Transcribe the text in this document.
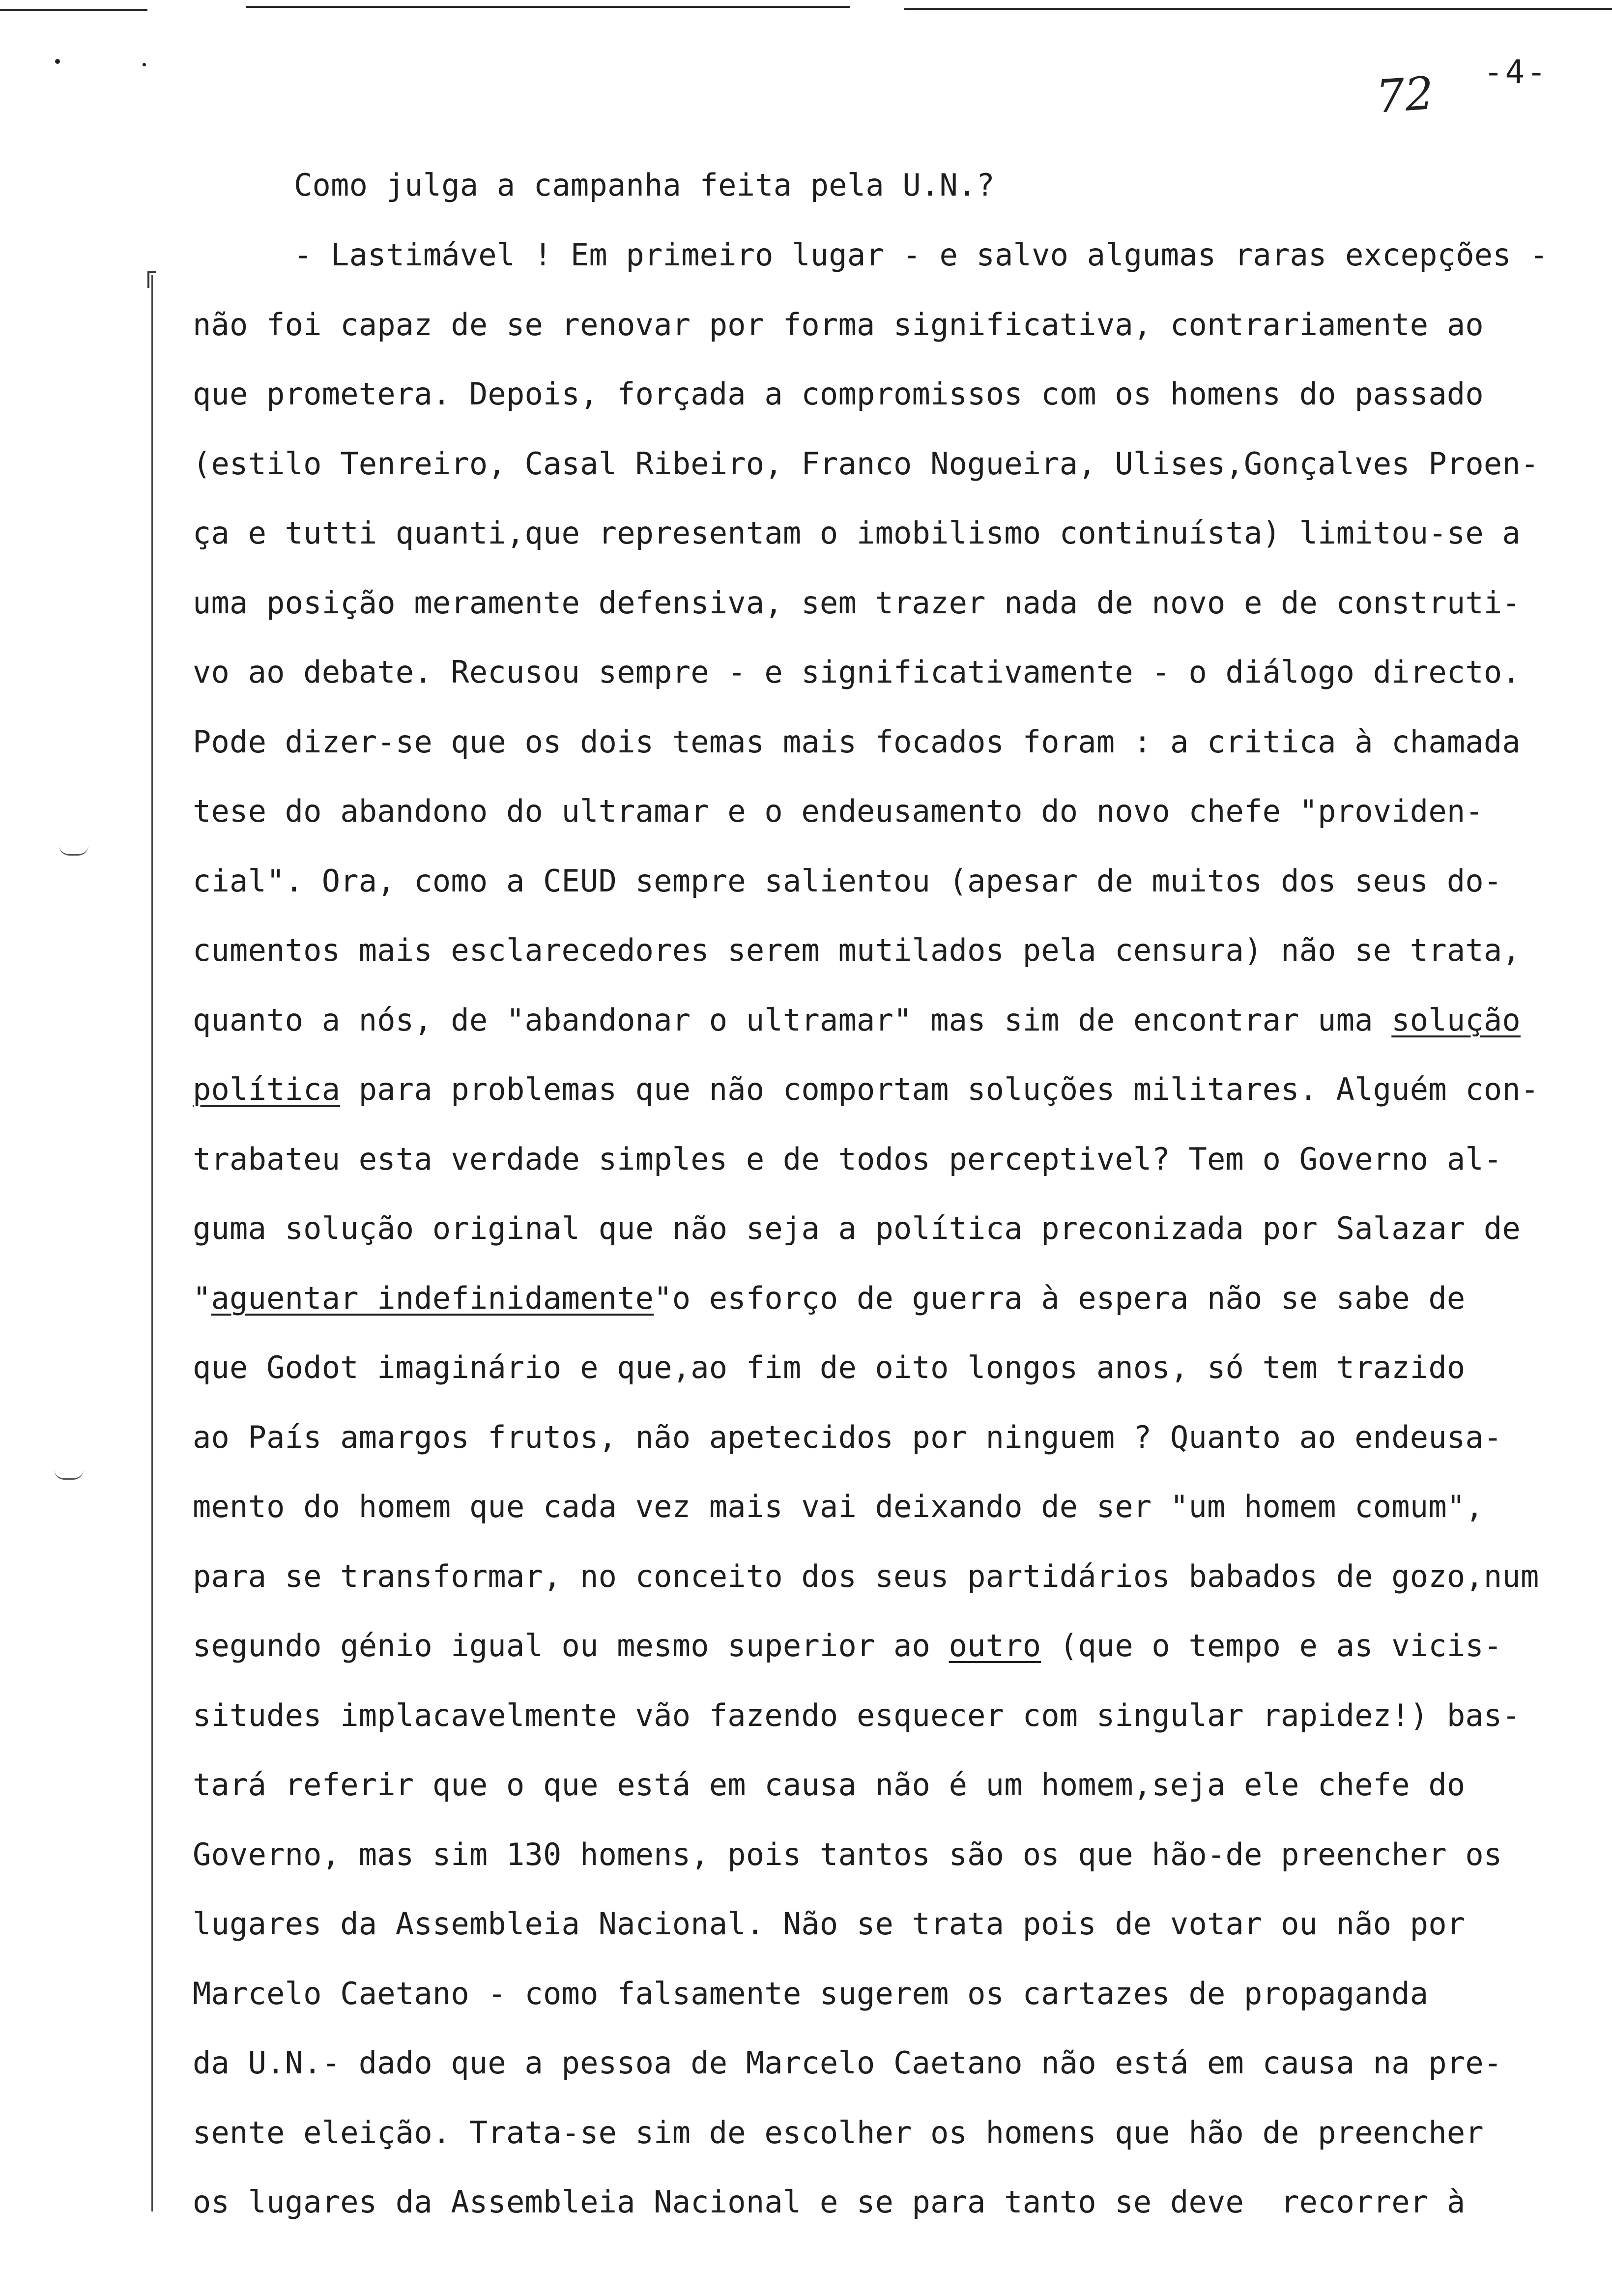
72 -4-
Como julga a campanha feita pela U.N.?
- Lastimável ! Em primeiro lugar - e salvo algumas raras excepções -
não foi capaz de se renovar por forma significativa, contrariamente ao
que prometera. Depois, forçada a compromissos com os homens do passado
(estilo Tenreiro, Casal Ribeiro, Franco Nogueira, Ulises,Gonçalves Proen-
ça e tutti quanti,que representam o imobilismo continuísta) limitou-se a
uma posição meramente defensiva, sem trazer nada de novo e de construti-
vo ao debate. Recusou sempre - e significativamente - o diálogo directo.
Pode dizer-se que os dois temas mais focados foram : a critica à chamada
tese do abandono do ultramar e o endeusamento do novo chefe "providen-
cial". Ora, como a CEUD sempre salientou (apesar de muitos dos seus do-
cumentos mais esclarecedores serem mutilados pela censura) não se trata,
quanto a nós, de "abandonar o ultramar" mas sim de encontrar uma solução
política para problemas que não comportam soluções militares. Alguém con-
trabateu esta verdade simples e de todos perceptivel? Tem o Governo al-
guma solução original que não seja a política preconizada por Salazar de
"aguentar indefinidamente"o esforço de guerra à espera não se sabe de
que Godot imaginário e que,ao fim de oito longos anos, só tem trazido
ao País amargos frutos, não apetecidos por ninguem ? Quanto ao endeusa-
mento do homem que cada vez mais vai deixando de ser "um homem comum",
para se transformar, no conceito dos seus partidários babados de gozo,num
segundo génio igual ou mesmo superior ao outro (que o tempo e as vicis-
situdes implacavelmente vão fazendo esquecer com singular rapidez!) bas-
tará referir que o que está em causa não é um homem,seja ele chefe do
Governo, mas sim 130 homens, pois tantos são os que hão-de preencher os
lugares da Assembleia Nacional. Não se trata pois de votar ou não por
Marcelo Caetano - como falsamente sugerem os cartazes de propaganda
da U.N.- dado que a pessoa de Marcelo Caetano não está em causa na pre-
sente eleição. Trata-se sim de escolher os homens que hão de preencher
os lugares da Assembleia Nacional e se para tanto se deve  recorrer à
